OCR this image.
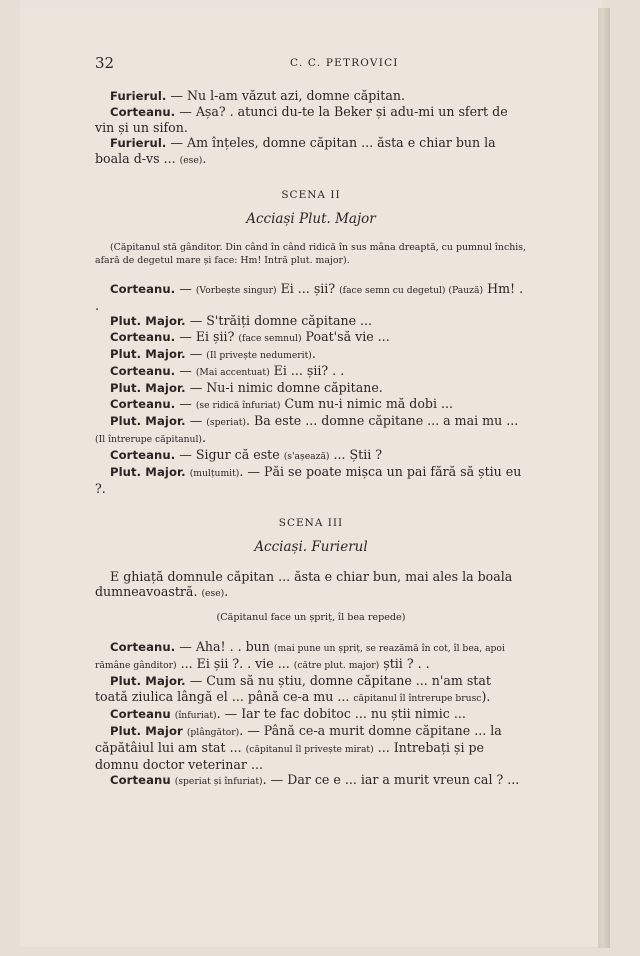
32	C. C. PETROVICI

Furierul. — Nu l-am văzut azi, domne căpitan.

Corteanu. — Așa? . atunci du-te la Beker și adu-mi un sfert de vin și un sifon.

Furierul. — Am înțeles, domne căpitan ... ăsta e chiar bun la boala d-vs ... (ese).

SCENA II

Acciași Plut. Major

(Căpitanul stă gânditor. Din când în când ridică în sus mâna dreaptă, cu pumnul închis, afară de degetul mare și face: Hm! Intră plut. major).

Corteanu. — (Vorbește singur) Ei ... șii? (face semn cu degetul) (Pauză) Hm! . .

Plut. Major. — S'trăiți domne căpitane ...

Corteanu. — Ei șii? (face semnul) Poat'să vie ...

Plut. Major. — (Il privește nedumerit).

Corteanu. — (Mai accentuat) Ei ... șii? . .

Plut. Major. — Nu-i nimic domne căpitane.

Corteanu. — (se ridică înfuriat) Cum nu-i nimic mă dobi ...

Plut. Major. — (speriat). Ba este ... domne căpitane ... a mai mu ... (Il întrerupe căpitanul).

Corteanu. — Sigur că este (s'așează) ... Știi ?

Plut. Major. (mulțumit). — Păi se poate mișca un pai fără să știu eu ?.

SCENA III

Acciași. Furierul

E ghiață domnule căpitan ... ăsta e chiar bun, mai ales la boala dumneavoastră. (ese).

(Căpitanul face un șpriț, îl bea repede)

Corteanu. — Aha! . . bun (mai pune un șpriț, se reazămă în cot, îl bea, apoi rămâne gânditor) ... Ei șii ?. . vie ... (către plut. major) știi ? . .

Plut. Major. — Cum să nu știu, domne căpitane ... n'am stat toată ziulica lângă el ... până ce-a mu ... căpitanul îl întrerupe brusc).

Corteanu (înfuriat). — Iar te fac dobitoc ... nu știi nimic ...

Plut. Major (plângător). — Până ce-a murit domne căpitane ... la căpătâiul lui am stat ... (căpitanul îl privește mirat) ... Intrebați și pe domnu doctor veterinar ...

Corteanu (speriat și înfuriat). — Dar ce e ... iar a murit vreun cal ? ...
